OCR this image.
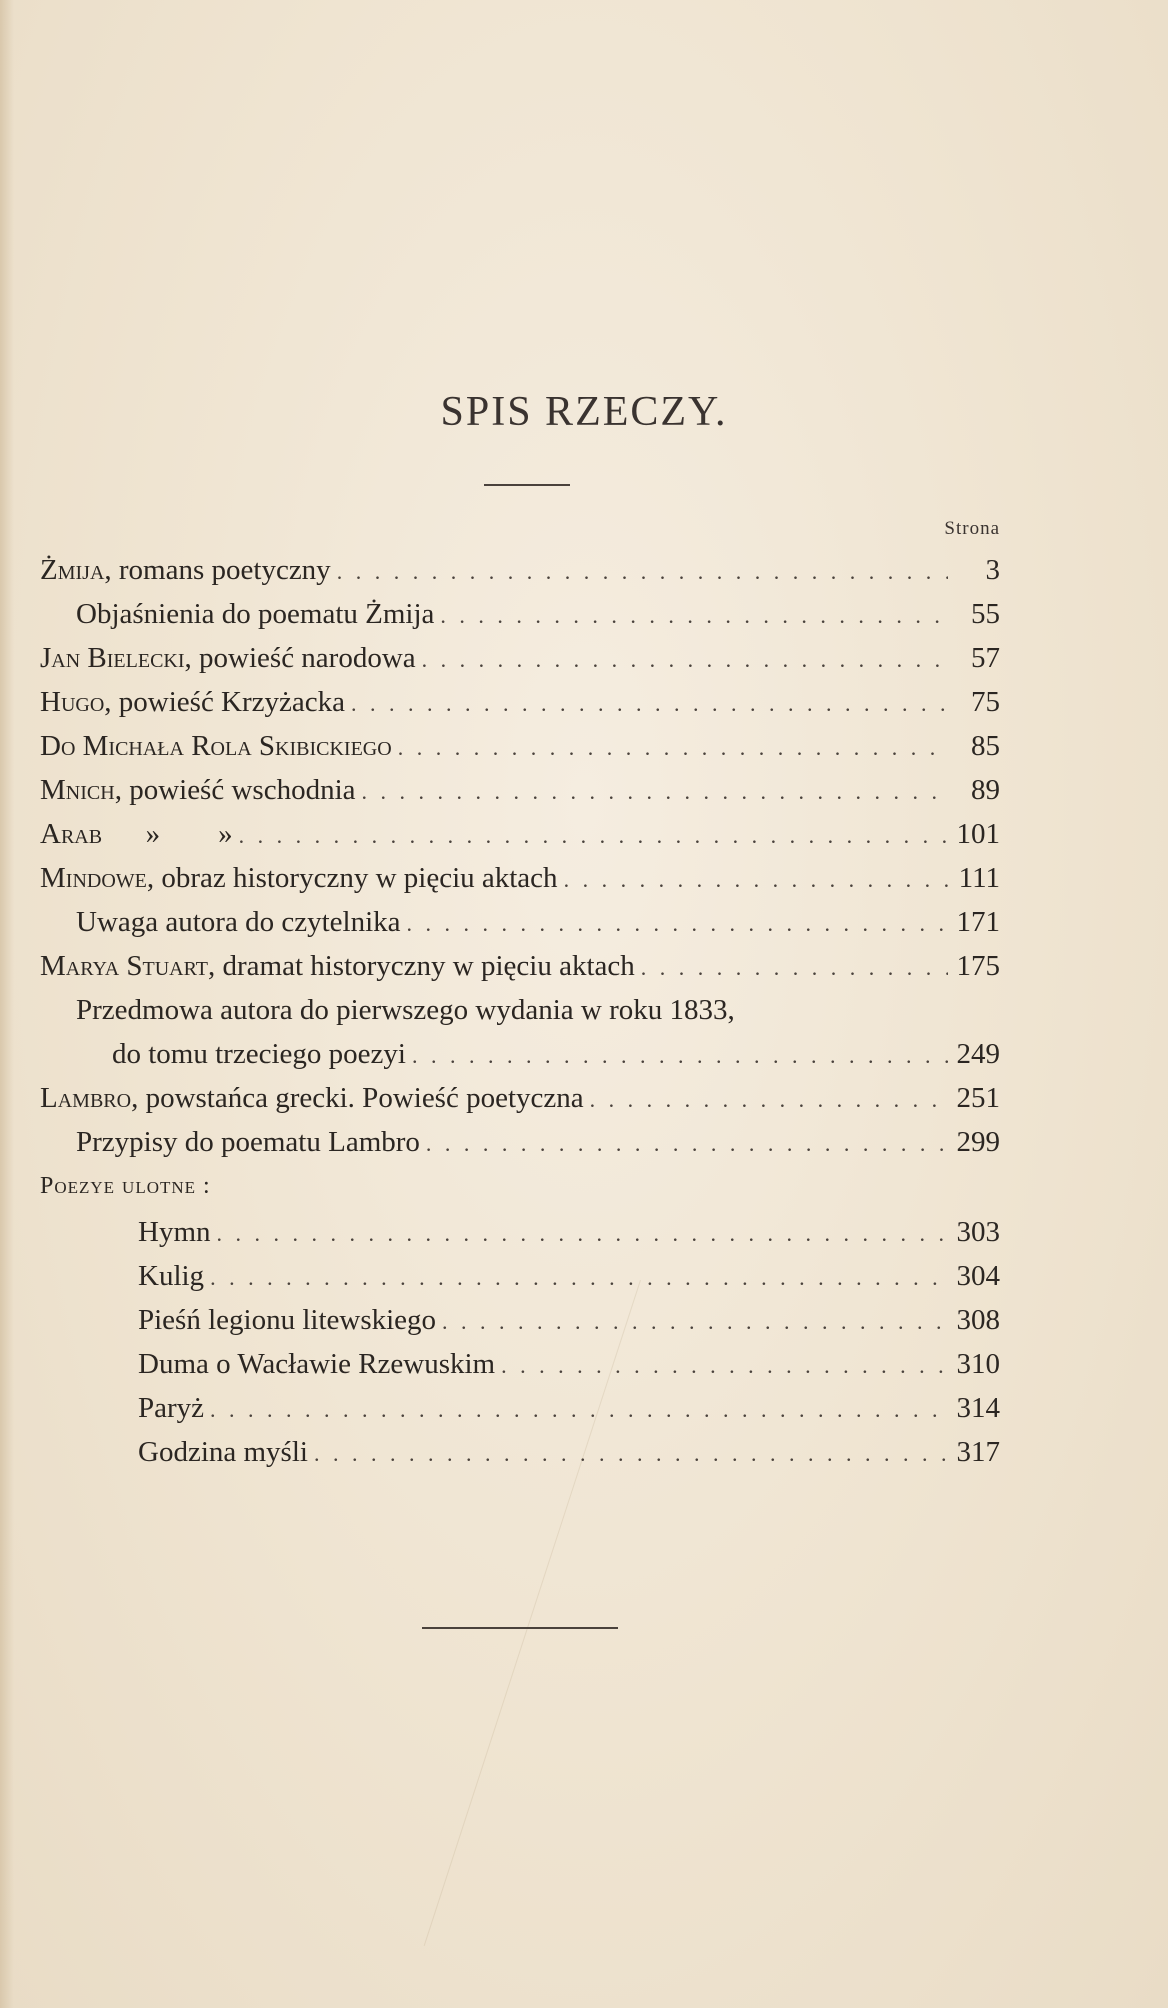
SPIS RZECZY.
Strona
Żmija, romans poetyczny . . .	3
Objaśnienia do poematu Żmija . . .	55
Jan Bielecki, powieść narodowa . . .	57
Hugo, powieść Krzyżacka . . .	75
Do Michała Rola Skibickiego . . .	85
Mnich, powieść wschodnia . . .	89
Arab      »        » . . .	101
Mindowe, obraz historyczny w pięciu aktach . . .	111
Uwaga autora do czytelnika . . .	171
Marya Stuart, dramat historyczny w pięciu aktach . . .	175
Przedmowa autora do pierwszego wydania w roku 1833,
do tomu trzeciego poezyi . . .	249
Lambro, powstańca grecki. Powieść poetyczna . . .	251
Przypisy do poematu Lambro . . .	299
Poezye ulotne :
Hymn . . .	303
Kulig . . .	304
Pieśń legionu litewskiego . . .	308
Duma o Wacławie Rzewuskim . . .	310
Paryż . . .	314
Godzina myśli . . .	317
